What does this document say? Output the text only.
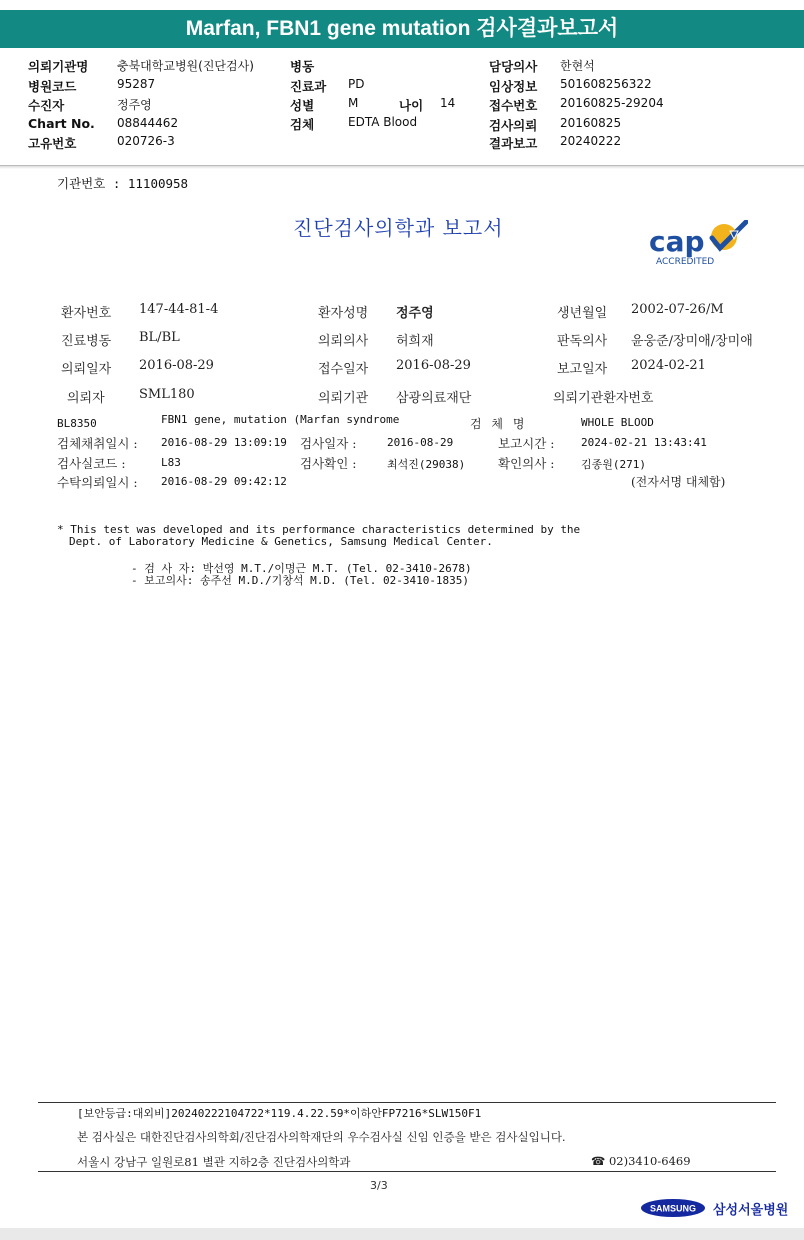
Marfan, FBN1 gene mutation 검사결과보고서
의뢰기관명 충북대학교병원(진단검사)
병원코드	95287
수진자	정주영
Chart No. 08844462
고유번호	020726-3
병동
진료과 PD
성별	M	나이 14
검체	EDTA Blood
담당의사 한현석
임상정보 501608256322
접수번호 20160825-29204
검사의뢰 20160825
결과보고 20240222
기관번호 : 11100958
진단검사의학과 보고서	cap
ACCREDITED
환자번호 147-44-81-4	환자성명 정주영	생년월일 2002-07-26/M
진료병동 BL/BL	의뢰의사 허희재	판독의사 윤웅준/장미애/장미애
의뢰일자 2016-08-29	접수일자 2016-08-29	보고일자 2024-02-21
의뢰자	SML180	의뢰기관 삼광의료재단	의뢰기관환자번호
BL8350	FBN1 gene, mutation (Marfan syndrome	검 체 명	WHOLE BLOOD
검체채취일시 : 2016-08-29 13:09:19 검사일자 :	2016-08-29	보고시간 : 2024-02-21 13:43:41
검사실코드 :	L83	검사확인 :	최석진(29038)	확인의사 : 김종원(271)
수탁의뢰일시 : 2016-08-29 09:42:12	(전자서명 대체함)
* This test was developed and its performance characteristics determined by the
Dept. of Laboratory Medicine & Genetics, Samsung Medical Center.
- 검 사 자: 박선영 M.T./이명근 M.T. (Tel. 02-3410-2678)
- 보고의사: 송주선 M.D./기창석 M.D. (Tel. 02-3410-1835)
[보안등급:대외비]20240222104722*119.4.22.59*이하안FP7216*SLW150F1
본 검사실은 대한진단검사의학회/진단검사의학재단의 우수검사실 신임 인증을 받은 검사실입니다.
서울시 강남구 일원로81 별관 지하2층 진단검사의학과	☎ 02)3410-6469
3/3
SAMSUNG 삼성서울병원
